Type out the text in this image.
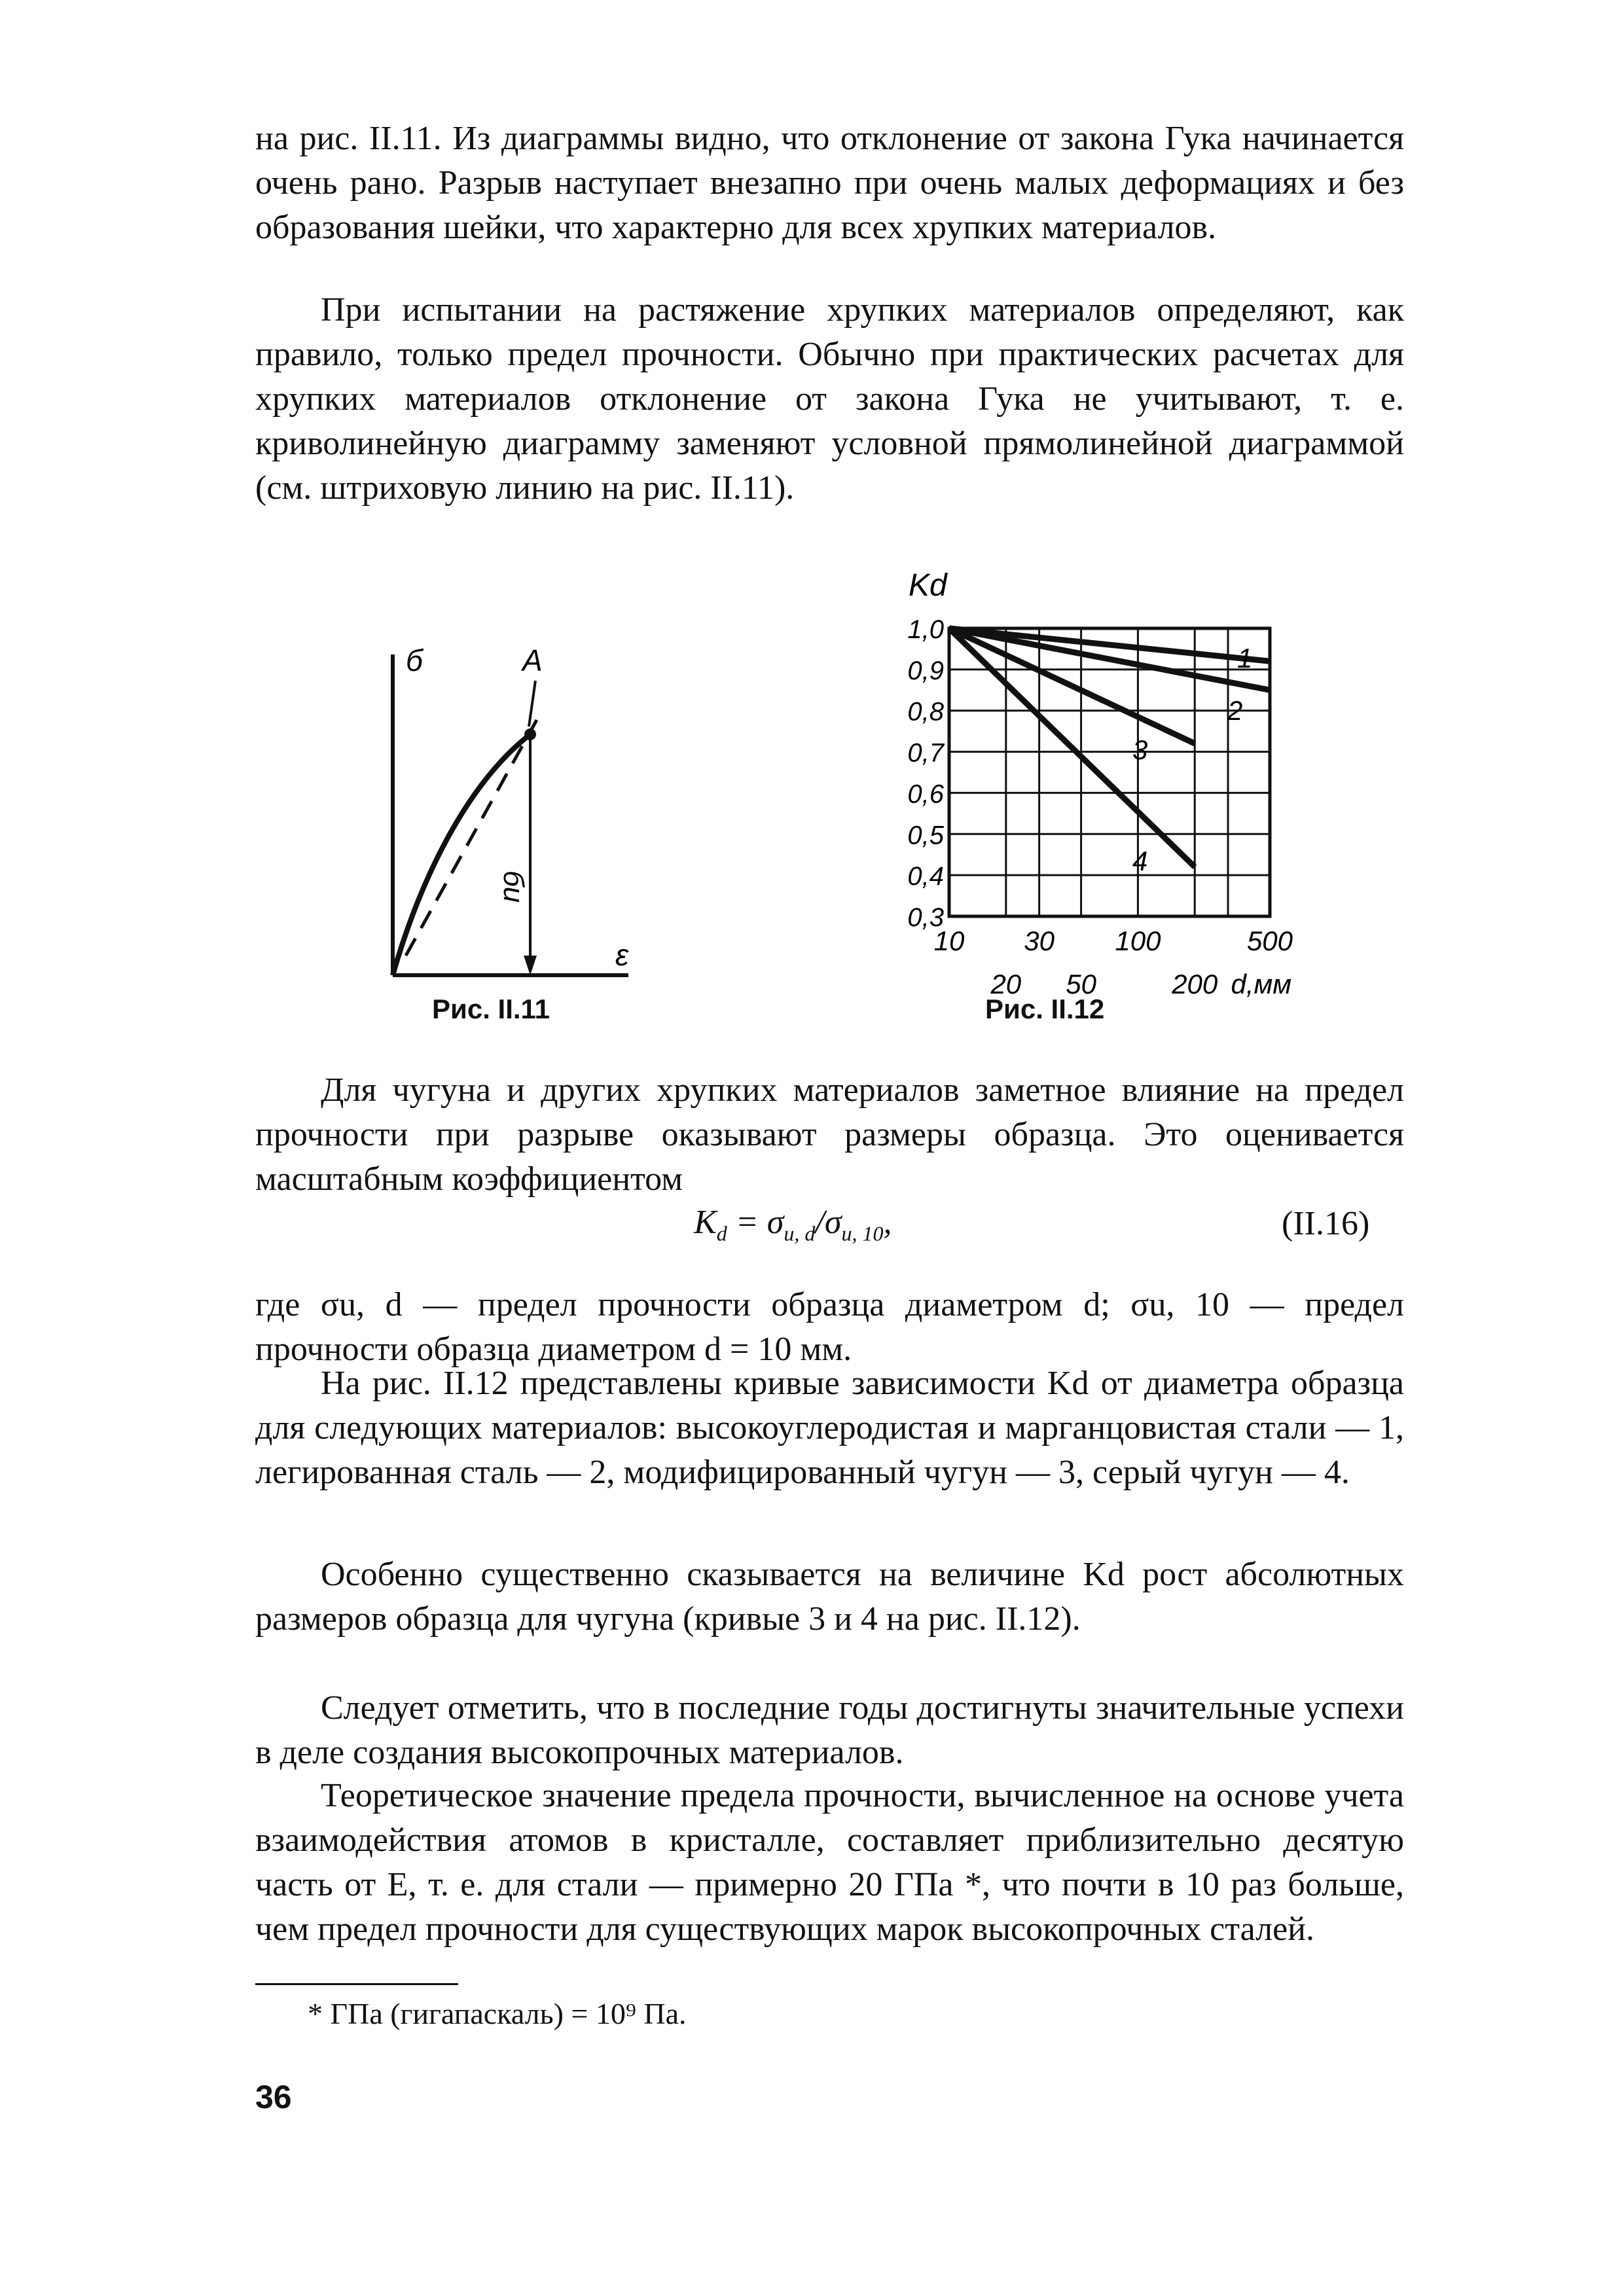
на рис. II.11. Из диаграммы видно, что отклонение от закона Гука начинается очень рано. Разрыв наступает внезапно при очень малых деформациях и без образования шейки, что характерно для всех хрупких материалов.

При испытании на растяжение хрупких материалов определяют, как правило, только предел прочности. Обычно при практических расчетах для хрупких материалов отклонение от закона Гука не учитывают, т. е. криволинейную диаграмму заменяют условной прямолинейной диаграммой (см. штриховую линию на рис. II.11).

б	A
ε
бu
Рис. II.11
Kd
1,0
0,9
0,8
0,7
0,6
0,5
0,4
0,3
10 30 100	500
20 50	200 d,мм
1
2
3
4
Рис. II.12

Для чугуна и других хрупких материалов заметное влияние на предел прочности при разрыве оказывают размеры образца. Это оценивается масштабным коэффициентом

$K_d = \sigma_{u, d}/\sigma_{u, 10}$,	(II.16)

где σu, d — предел прочности образца диаметром d; σu, 10 — предел прочности образца диаметром d = 10 мм.

На рис. II.12 представлены кривые зависимости Kd от диаметра образца для следующих материалов: высокоуглеродистая и марганцовистая стали — 1, легированная сталь — 2, модифицированный чугун — 3, серый чугун — 4.

Особенно существенно сказывается на величине Kd рост абсолютных размеров образца для чугуна (кривые 3 и 4 на рис. II.12).

Следует отметить, что в последние годы достигнуты значительные успехи в деле создания высокопрочных материалов.

Теоретическое значение предела прочности, вычисленное на основе учета взаимодействия атомов в кристалле, составляет приблизительно десятую часть от E, т. е. для стали — примерно 20 ГПа *, что почти в 10 раз больше, чем предел прочности для существующих марок высокопрочных сталей.

* ГПа (гигапаскаль) = 10⁹ Па.
36
